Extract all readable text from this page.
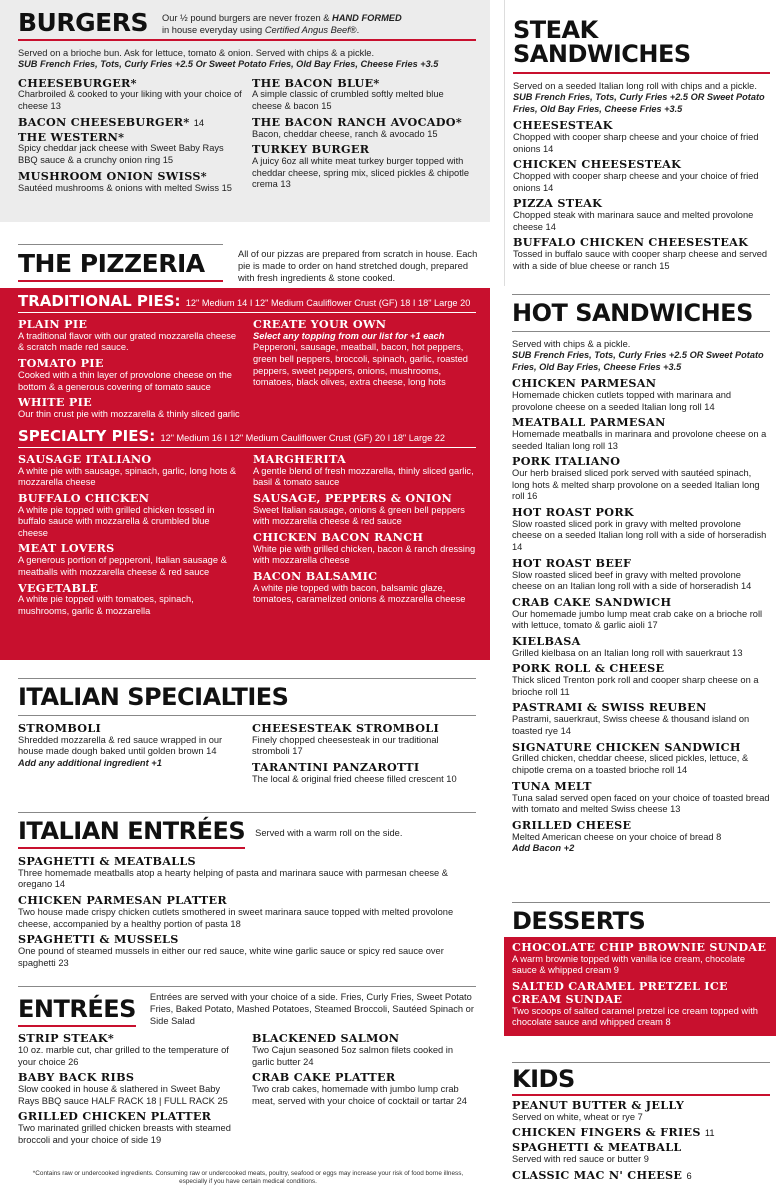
BURGERS Our ½ pound burgers are never frozen & HAND FORMED
in house everyday using Certified Angus Beef®.
Served on a brioche bun. Ask for lettuce, tomato & onion. Served with chips & a pickle.
SUB French Fries, Tots, Curly Fries +2.5 Or Sweet Potato Fries, Old Bay Fries, Cheese Fries +3.5
CHEESEBURGER*
Charbroiled & cooked to your liking with your choice of cheese 13
BACON CHEESEBURGER* 14
THE WESTERN*
Spicy cheddar jack cheese with Sweet Baby Rays BBQ sauce & a crunchy onion ring 15
MUSHROOM ONION SWISS*
Sautéed mushrooms & onions with melted Swiss 15
THE BACON BLUE*
A simple classic of crumbled softly melted blue cheese & bacon 15
THE BACON RANCH AVOCADO*
Bacon, cheddar cheese, ranch & avocado 15
TURKEY BURGER
A juicy 6oz all white meat turkey burger topped with cheddar cheese, spring mix, sliced pickles & chipotle crema 13
THE PIZZERIA	All of our pizzas are prepared from scratch in house. Each pie is made to order on hand stretched dough, prepared with fresh ingredients & stone cooked.
TRADITIONAL PIES: 12" Medium 14 I 12" Medium Cauliflower Crust (GF) 18 I 18" Large 20
PLAIN PIE
A traditional flavor with our grated mozzarella cheese & scratch made red sauce.
TOMATO PIE
Cooked with a thin layer of provolone cheese on the bottom & a generous covering of tomato sauce
WHITE PIE
Our thin crust pie with mozzarella & thinly sliced garlic
CREATE YOUR OWN
Select any topping from our list for +1 each
Pepperoni, sausage, meatball, bacon, hot peppers, green bell peppers, broccoli, spinach, garlic, roasted peppers, sweet peppers, onions, mushrooms, tomatoes, black olives, extra cheese, long hots
SPECIALTY PIES: 12" Medium 16 I 12" Medium Cauliflower Crust (GF) 20 I 18" Large 22
SAUSAGE ITALIANO
A white pie with sausage, spinach, garlic, long hots & mozzarella cheese
BUFFALO CHICKEN
A white pie topped with grilled chicken tossed in buffalo sauce with mozzarella & crumbled blue cheese
MEAT LOVERS
A generous portion of pepperoni, Italian sausage & meatballs with mozzarella cheese & red sauce
VEGETABLE
A white pie topped with tomatoes, spinach, mushrooms, garlic & mozzarella
MARGHERITA
A gentle blend of fresh mozzarella, thinly sliced garlic, basil & tomato sauce
SAUSAGE, PEPPERS & ONION
Sweet Italian sausage, onions & green bell peppers with mozzarella cheese & red sauce
CHICKEN BACON RANCH
White pie with grilled chicken, bacon & ranch dressing with mozzarella cheese
BACON BALSAMIC
A white pie topped with bacon, balsamic glaze, tomatoes, caramelized onions & mozzarella cheese
ITALIAN SPECIALTIES
STROMBOLI
Shredded mozzarella & red sauce wrapped in our house made dough baked until golden brown 14
Add any additional ingredient +1
CHEESESTEAK STROMBOLI
Finely chopped cheesesteak in our traditional stromboli 17
TARANTINI PANZAROTTI
The local & original fried cheese filled crescent 10
ITALIAN ENTRÉES Served with a warm roll on the side.
SPAGHETTI & MEATBALLS
Three homemade meatballs atop a hearty helping of pasta and marinara sauce with parmesan cheese & oregano 14
CHICKEN PARMESAN PLATTER
Two house made crispy chicken cutlets smothered in sweet marinara sauce topped with melted provolone cheese, accompanied by a healthy portion of pasta 18
SPAGHETTI & MUSSELS
One pound of steamed mussels in either our red sauce, white wine garlic sauce or spicy red sauce over spaghetti 23
ENTRÉES Entrées are served with your choice of a side. Fries, Curly Fries, Sweet Potato Fries, Baked Potato, Mashed Potatoes, Steamed Broccoli, Sautéed Spinach or Side Salad
STRIP STEAK*
10 oz. marble cut, char grilled to the temperature of your choice 26
BABY BACK RIBS
Slow cooked in house & slathered in Sweet Baby Rays BBQ sauce HALF RACK 18 | FULL RACK 25
GRILLED CHICKEN PLATTER
Two marinated grilled chicken breasts with steamed broccoli and your choice of side 19
BLACKENED SALMON
Two Cajun seasoned 5oz salmon filets cooked in garlic butter 24
CRAB CAKE PLATTER
Two crab cakes, homemade with jumbo lump crab meat, served with your choice of cocktail or tartar 24
*Contains raw or undercooked ingredients. Consuming raw or undercooked meats, poultry, seafood or eggs may increase your risk of food borne illness, especially if you have certain medical conditions.
STEAK
SANDWICHES
Served on a seeded Italian long roll with chips and a pickle.
SUB French Fries, Tots, Curly Fries +2.5 OR Sweet Potato Fries, Old Bay Fries, Cheese Fries +3.5
CHEESESTEAK
Chopped with cooper sharp cheese and your choice of fried onions 14
CHICKEN CHEESESTEAK
Chopped with cooper sharp cheese and your choice of fried onions 14
PIZZA STEAK
Chopped steak with marinara sauce and melted provolone cheese 14
BUFFALO CHICKEN CHEESESTEAK
Tossed in buffalo sauce with cooper sharp cheese and served with a side of blue cheese or ranch 15
HOT SANDWICHES
Served with chips & a pickle.
SUB French Fries, Tots, Curly Fries +2.5 OR Sweet Potato Fries, Old Bay Fries, Cheese Fries +3.5
CHICKEN PARMESAN
Homemade chicken cutlets topped with marinara and provolone cheese on a seeded Italian long roll 14
MEATBALL PARMESAN
Homemade meatballs in marinara and provolone cheese on a seeded Italian long roll 13
PORK ITALIANO
Our herb braised sliced pork served with sautéed spinach, long hots & melted sharp provolone on a seeded Italian long roll 16
HOT ROAST PORK
Slow roasted sliced pork in gravy with melted provolone cheese on a seeded Italian long roll with a side of horseradish 14
HOT ROAST BEEF
Slow roasted sliced beef in gravy with melted provolone cheese on an Italian long roll with a side of horseradish 14
CRAB CAKE SANDWICH
Our homemade jumbo lump meat crab cake on a brioche roll with lettuce, tomato & garlic aioli 17
KIELBASA
Grilled kielbasa on an Italian long roll with sauerkraut 13
PORK ROLL & CHEESE
Thick sliced Trenton pork roll and cooper sharp cheese on a brioche roll 11
PASTRAMI & SWISS REUBEN
Pastrami, sauerkraut, Swiss cheese & thousand island on toasted rye 14
SIGNATURE CHICKEN SANDWICH
Grilled chicken, cheddar cheese, sliced pickles, lettuce, & chipotle crema on a toasted brioche roll 14
TUNA MELT
Tuna salad served open faced on your choice of toasted bread with tomato and melted Swiss cheese 13
GRILLED CHEESE
Melted American cheese on your choice of bread 8
Add Bacon +2
DESSERTS
CHOCOLATE CHIP BROWNIE SUNDAE
A warm brownie topped with vanilla ice cream, chocolate sauce & whipped cream 9
SALTED CARAMEL PRETZEL ICE CREAM SUNDAE
Two scoops of salted caramel pretzel ice cream topped with chocolate sauce and whipped cream 8
KIDS
PEANUT BUTTER & JELLY
Served on white, wheat or rye 7
CHICKEN FINGERS & FRIES 11
SPAGHETTI & MEATBALL
Served with red sauce or butter 9
CLASSIC MAC N' CHEESE 6
